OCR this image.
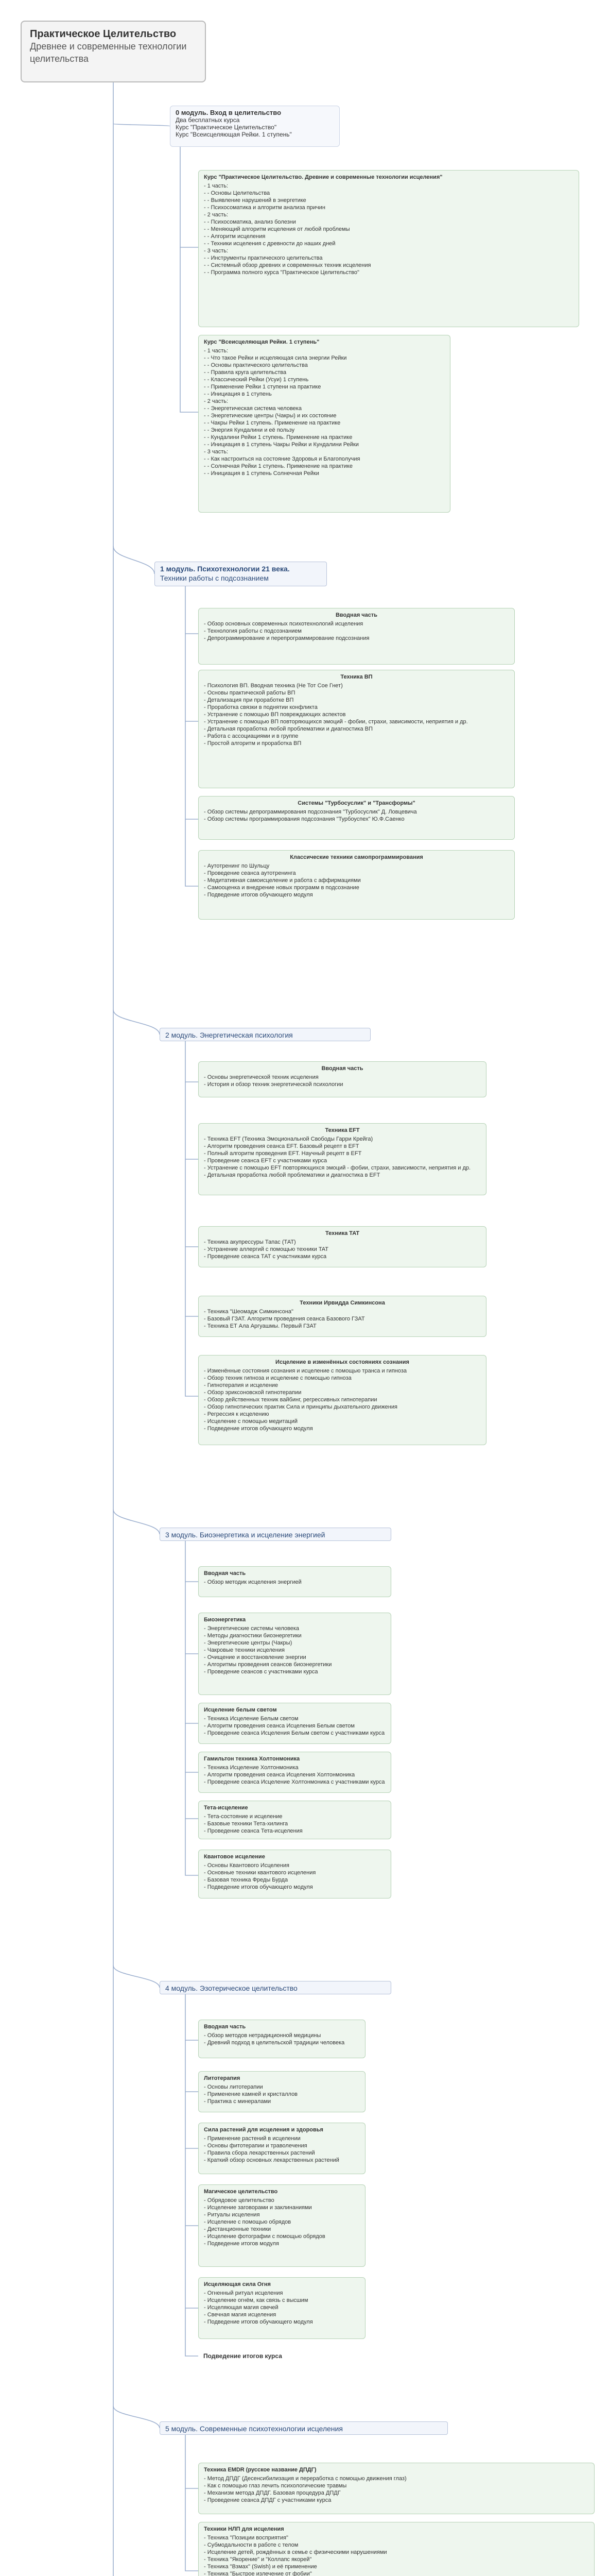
Практическое Целительство
Древнее и современные технологии целительства
0 модуль. Вход в целительство
Два бесплатных курса
Курс "Практическое Целительство"
Курс "Всеисцеляющая Рейки. 1 ступень"
Курс "Практическое Целительство. Древние и современные технологии исцеления"
- 1 часть:
- - Основы Целительства
- - Выявление нарушений в энергетике
- - Психосоматика и алгоритм анализа причин
- 2 часть:
- - Психосоматика, анализ болезни
- - Меняющий алгоритм исцеления от любой проблемы
- - Алгоритм исцеления
- - Техники исцеления с древности до наших дней
- 3 часть:
- - Инструменты практического целительства
- - Системный обзор древних и современных техник исцеления
- - Программа полного курса "Практическое Целительство"
Курс "Всеисцеляющая Рейки. 1 ступень"
- 1 часть:
- - Что такое Рейки и исцеляющая сила энергии Рейки
- - Основы практического целительства
- - Правила круга целительства
- - Классический Рейки (Усуи) 1 ступень
- - Применение Рейки 1 ступени на практике
- - Инициация в 1 ступень
- 2 часть:
- - Энергетическая система человека
- - Энергетические центры (Чакры) и их состояние
- - Чакры Рейки 1 ступень. Применение на практике
- - Энергия Кундалини и её пользу
- - Кундалини Рейки 1 ступень. Применение на практике
- - Инициация в 1 ступень Чакры Рейки и Кундалини Рейки
- 3 часть:
- - Как настроиться на состояние Здоровья и Благополучия
- - Солнечная Рейки 1 ступень. Применение на практике
- - Инициация в 1 ступень Солнечная Рейки
1 модуль. Психотехнологии 21 века.
Техники работы с подсознанием
Вводная часть
- Обзор основных современных психотехнологий исцеления
- Технология работы с подсознанием
- Депрограммирование и перепрограммирование подсознания
Техника ВП
- Психология ВП. Вводная техника (Не Тот Сое Гнет)
- Основы практической работы ВП
- Детализация при проработке ВП
- Проработка связки в поднятии конфликта
- Устранение с помощью ВП повреждающих аспектов
- Устранение с помощью ВП повторяющихся эмоций - фобии, страхи, зависимости, неприятия и др.
- Детальная проработка любой проблематики и диагностика ВП
- Работа с ассоциациями и в группе
- Простой алгоритм и проработка ВП
Системы "Турбосуслик" и "Трансформы"
- Обзор системы депрограммирования подсознания "Турбосуслик" Д. Ловцевича
- Обзор системы программирования подсознания "Турбоуспех" Ю.Ф.Саенко
Классические техники самопрограммирования
- Аутотренинг по Шульцу
- Проведение сеанса аутотренинга
- Медитативная самоисцеление и работа с аффирмациями
- Самооценка и внедрение новых программ в подсознание
- Подведение итогов обучающего модуля
2 модуль. Энергетическая психология
Вводная часть
- Основы энергетической техник исцеления
- История и обзор техник энергетической психологии
Техника EFT
- Техника EFT (Техника Эмоциональной Свободы Гарри Крейга)
- Алгоритм проведения сеанса EFT. Базовый рецепт в EFT
- Полный алгоритм проведения EFT. Научный рецепт в EFT
- Проведение сеанса EFT с участниками курса
- Устранение с помощью EFT повторяющихся эмоций - фобии, страхи, зависимости, неприятия и др.
- Детальная проработка любой проблематики и диагностика в EFT
Техника TAT
- Техника акупрессуры Тапас (ТАТ)
- Устранение аллергий с помощью техники TAT
- Проведение сеанса ТАТ с участниками курса
Техники Ирвидда Симкинсона
- Техника "Шеомадж Симкинсона"
- Базовый ГЗАТ. Алгоритм проведения сеанса Базового ГЗАТ
- Техника ЕТ Ала Аргуашмы. Первый ГЗАТ
Исцеление в изменённых состояниях сознания
- Изменённые состояния сознания и исцеление с помощью транса и гипноза
- Обзор техник гипноза и исцеление с помощью гипноза
- Гипнотерапия и исцеление
- Обзор эриксоновской гипнотерапии
- Обзор действенных техник вайбинг, регрессивных гипнотерапии
- Обзор гипнотических практик Сила и принципы дыхательного движения
- Регрессия к исцелению
- Исцеление с помощью медитаций
- Подведение итогов обучающего модуля
3 модуль. Биоэнергетика и исцеление энергией
Вводная часть
- Обзор методик исцеления энергией
Биоэнергетика
- Энергетические системы человека
- Методы диагностики биоэнергетики
- Энергетические центры (Чакры)
- Чакровые техники исцеления
- Очищение и восстановление энергии
- Алгоритмы проведения сеансов биоэнергетики
- Проведение сеансов с участниками курса
Исцеление белым светом
- Техника Исцеление Белым светом
- Алгоритм проведения сеанса Исцеления Белым светом
- Проведение сеанса Исцеления Белым светом с участниками курса
Гамильтон техника Холтонмоника
- Техника Исцеление Холтонмоника
- Алгоритм проведения сеанса Исцеления Холтонмоника
- Проведение сеанса Исцеление Холтонмоника с участниками курса
Тета-исцеление
- Тета-состояние и исцеление
- Базовые техники Тета-хилинга
- Проведение сеанса Тета-исцеления
Квантовое исцеление
- Основы Квантового Исцеления
- Основные техники квантового исцеления
- Базовая техника Фреды Бурда
- Подведение итогов обучающего модуля
4 модуль. Эзотерическое целительство
Вводная часть
- Обзор методов нетрадиционной медицины
- Древний подход в целительской традиции человека
Литотерапия
- Основы литотерапии
- Применение камней и кристаллов
- Практика с минералами
Сила растений для исцеления и здоровья
- Применение растений в исцелении
- Основы фитотерапии и траволечения
- Правила сбора лекарственных растений
- Краткий обзор основных лекарственных растений
Магическое целительство
- Обрядовое целительство
- Исцеление заговорами и заклинаниями
- Ритуалы исцеления
- Исцеление с помощью обрядов
- Дистанционные техники
- Исцеление фотографии с помощью обрядов
- Подведение итогов модуля
Исцеляющая сила Огня
- Огненный ритуал исцеления
- Исцеление огнём, как связь с высшим
- Исцеляющая магия свечей
- Свечная магия исцеления
- Подведение итогов обучающего модуля
Подведение итогов курса
5 модуль. Современные психотехнологии исцеления
Техника EMDR (русское название ДПДГ)
- Метод ДПДГ (Десенсибилизация и переработка с помощью движения глаз)
- Как с помощью глаз лечить психологические травмы
- Механизм метода ДПДГ. Базовая процедура ДПДГ
- Проведение сеанса ДПДГ с участниками курса
Техники НЛП для исцеления
- Техника "Позиции восприятия"
- Субмодальности в работе с телом
- Исцеление детей, рождённых в семье с физическими нарушениями
- Техника "Якорение" и "Коллапс якорей"
- Техника "Взмах" (Swish) и её применение
- Техника "Быстрое излечение от фобии"
